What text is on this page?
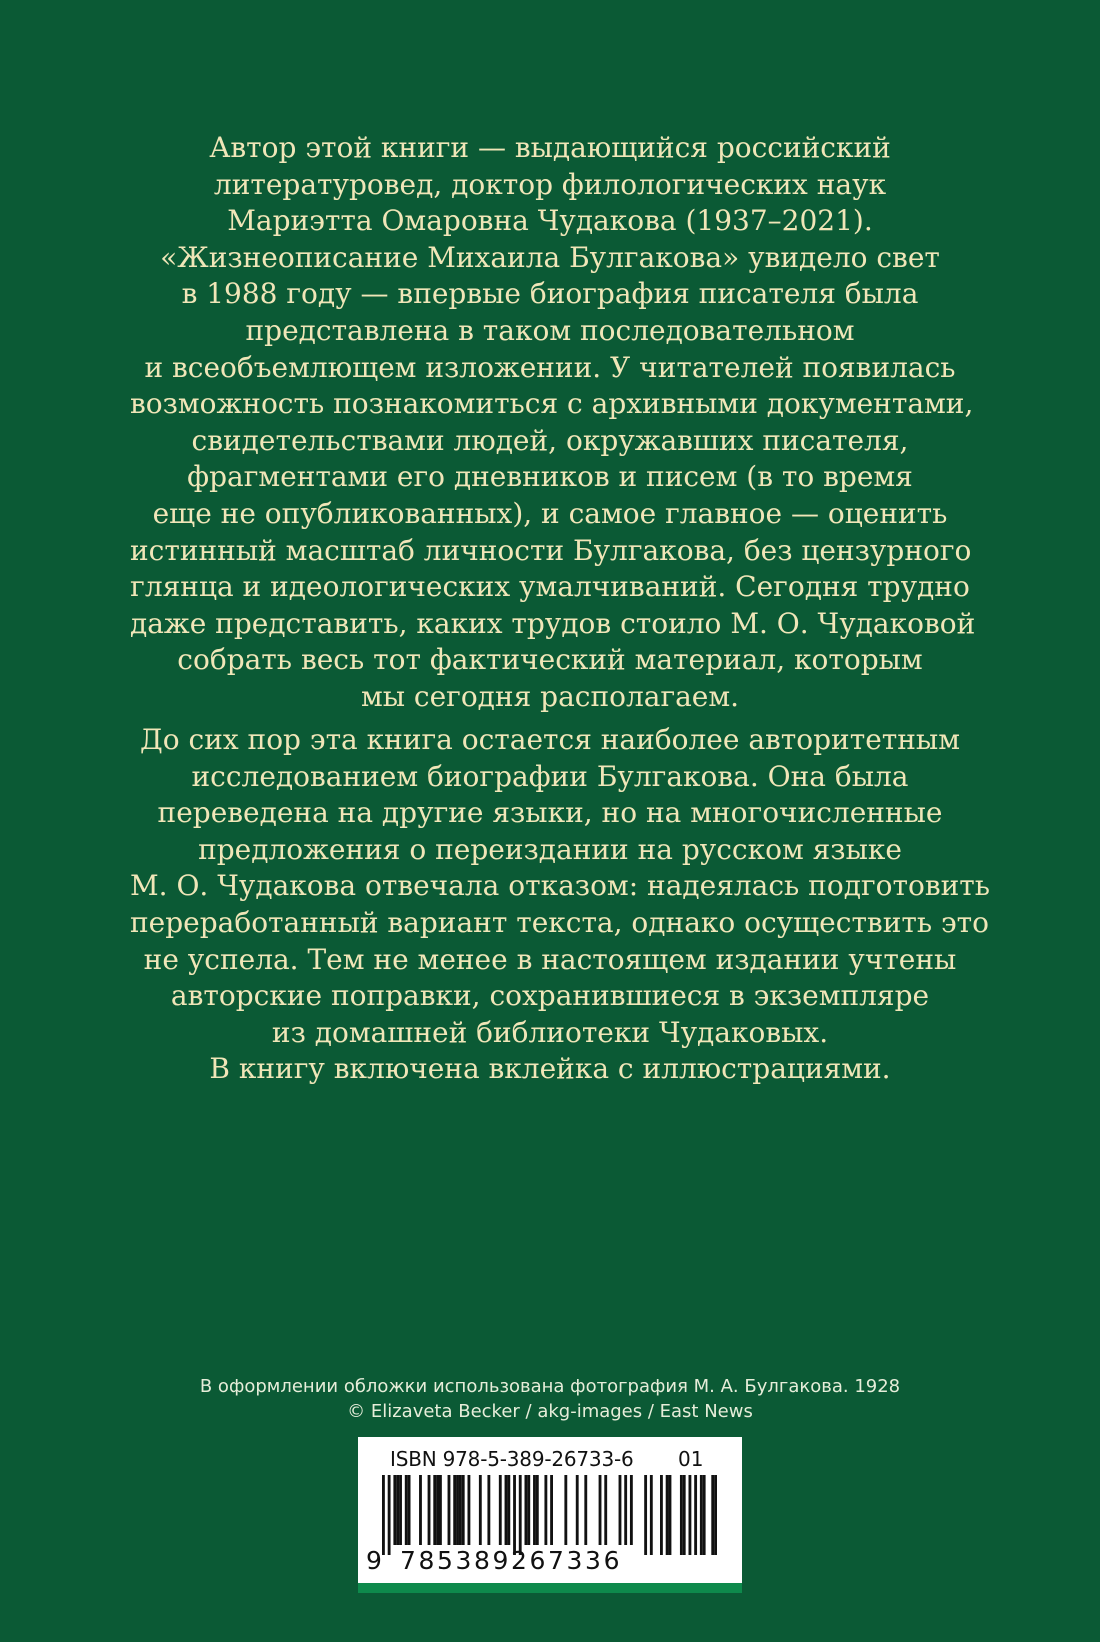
Автор этой книги — выдающийся российский
литературовед, доктор филологических наук
Мариэтта Омаровна Чудакова (1937–2021).
«Жизнеописание Михаила Булгакова» увидело свет
в 1988 году — впервые биография писателя была
представлена в таком последовательном
и всеобъемлющем изложении. У читателей появилась
возможность познакомиться с архивными документами,
свидетельствами людей, окружавших писателя,
фрагментами его дневников и писем (в то время
еще не опубликованных), и самое главное — оценить
истинный масштаб личности Булгакова, без цензурного
глянца и идеологических умалчиваний. Сегодня трудно
даже представить, каких трудов стоило М. О. Чудаковой
собрать весь тот фактический материал, которым
мы сегодня располагаем.

До сих пор эта книга остается наиболее авторитетным
исследованием биографии Булгакова. Она была
переведена на другие языки, но на многочисленные
предложения о переиздании на русском языке
М. О. Чудакова отвечала отказом: надеялась подготовить
переработанный вариант текста, однако осуществить это
не успела. Тем не менее в настоящем издании учтены
авторские поправки, сохранившиеся в экземпляре
из домашней библиотеки Чудаковых.
В книгу включена вклейка с иллюстрациями.

В оформлении обложки использована фотография М. А. Булгакова. 1928
© Elizaveta Becker / akg-images / East News
ISBN 978-5-389-26733-6 01
9 785389267336
